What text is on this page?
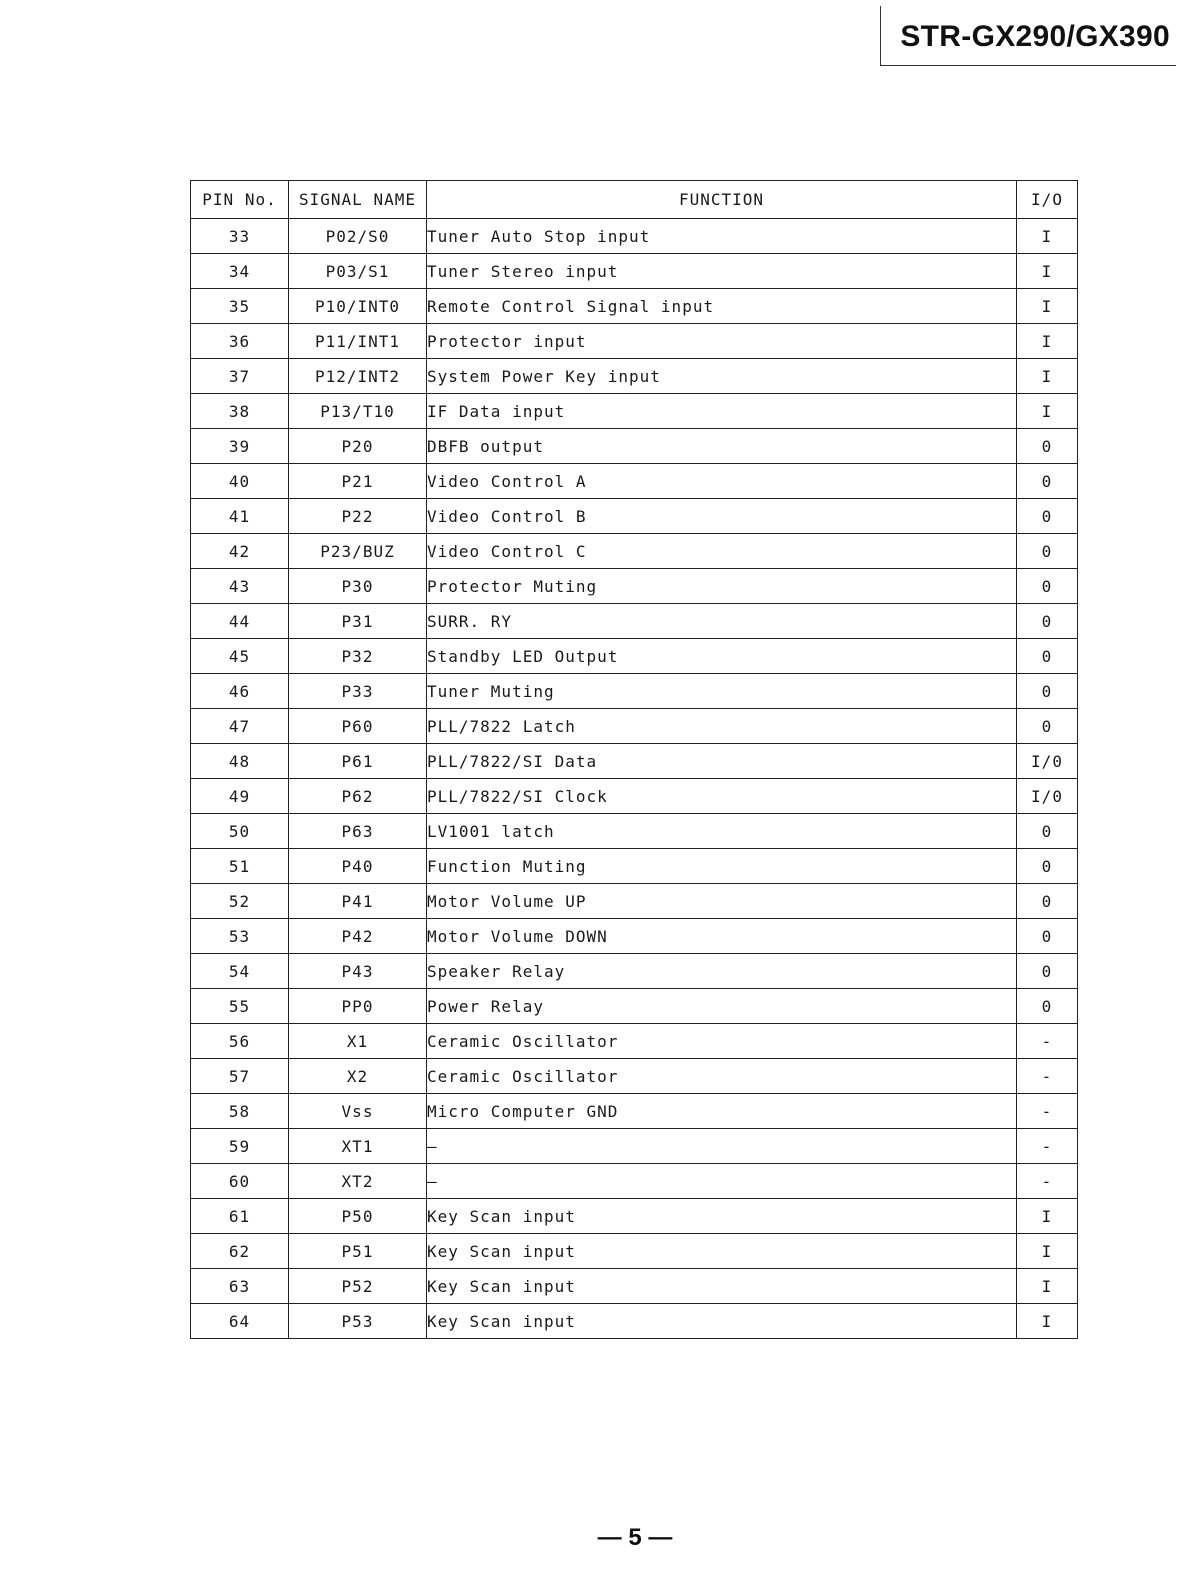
STR-GX290/GX390
PIN No.	SIGNAL NAME	FUNCTION	I/O
33	P02/S0	Tuner Auto Stop input	I
34	P03/S1	Tuner Stereo input	I
35	P10/INT0	Remote Control Signal input	I
36	P11/INT1	Protector input	I
37	P12/INT2	System Power Key input	I
38	P13/T10	IF Data input	I
39	P20	DBFB output	0
40	P21	Video Control A	0
41	P22	Video Control B	0
42	P23/BUZ	Video Control C	0
43	P30	Protector Muting	0
44	P31	SURR. RY	0
45	P32	Standby LED Output	0
46	P33	Tuner Muting	0
47	P60	PLL/7822 Latch	0
48	P61	PLL/7822/SI Data	I/0
49	P62	PLL/7822/SI Clock	I/0
50	P63	LV1001 latch	0
51	P40	Function Muting	0
52	P41	Motor Volume UP	0
53	P42	Motor Volume DOWN	0
54	P43	Speaker Relay	0
55	PP0	Power Relay	0
56	X1	Ceramic Oscillator	-
57	X2	Ceramic Oscillator	-
58	Vss	Micro Computer GND	-
59	XT1	—	-
60	XT2	—	-
61	P50	Key Scan input	I
62	P51	Key Scan input	I
63	P52	Key Scan input	I
64	P53	Key Scan input	I
— 5 —
